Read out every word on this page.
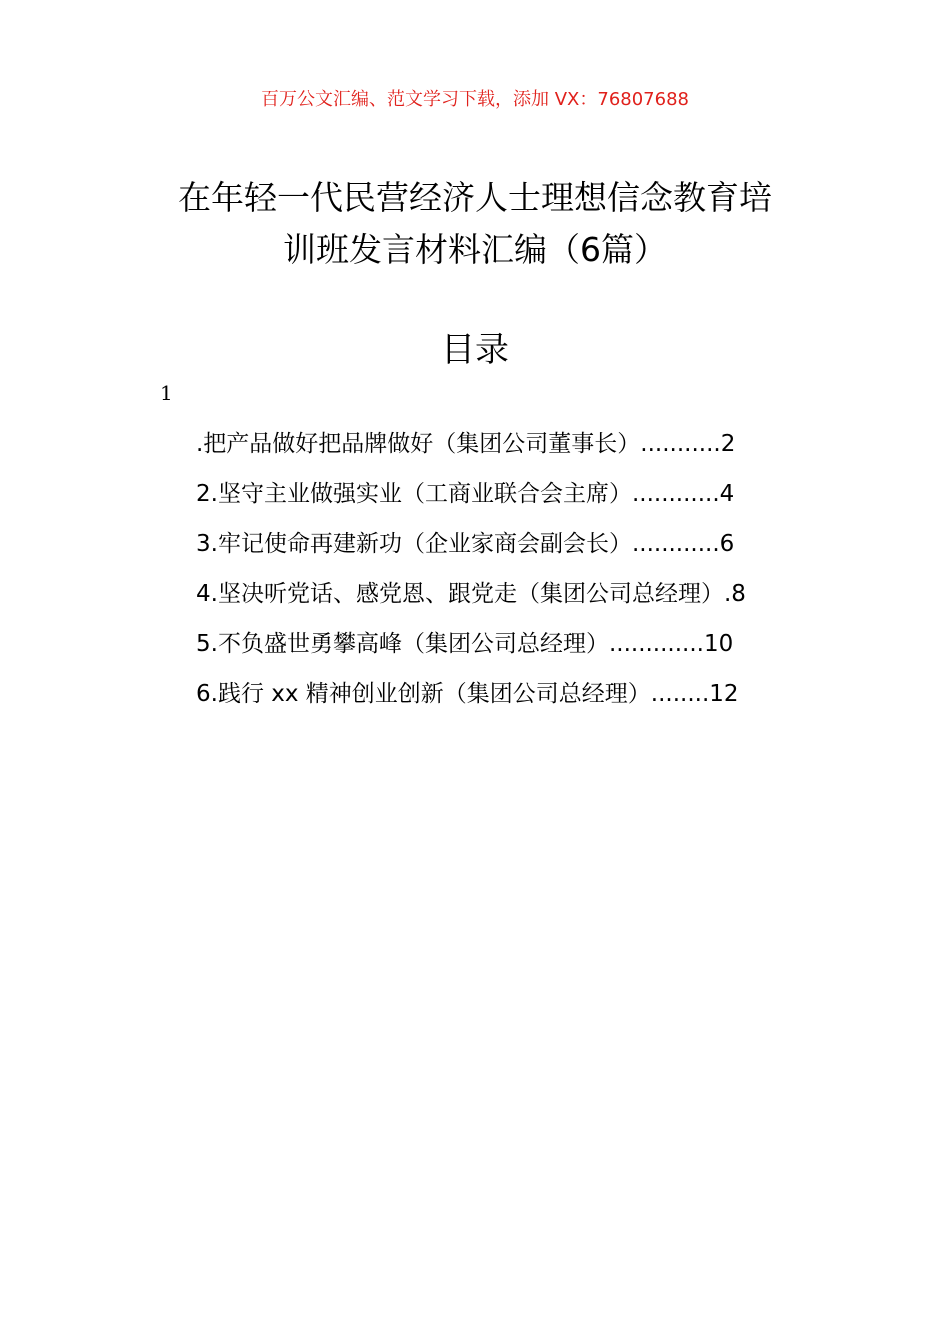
百万公文汇编、范文学习下载，添加 VX：76807688
在年轻一代民营经济人士理想信念教育培
训班发言材料汇编（6篇）
目录
1
.把产品做好把品牌做好（集团公司董事长）...........2
2.坚守主业做强实业（工商业联合会主席）............4
3.牢记使命再建新功（企业家商会副会长）............6
4.坚决听党话、感党恩、跟党走（集团公司总经理）.8
5.不负盛世勇攀高峰（集团公司总经理）.............10
6.践行 xx 精神创业创新（集团公司总经理）........12
